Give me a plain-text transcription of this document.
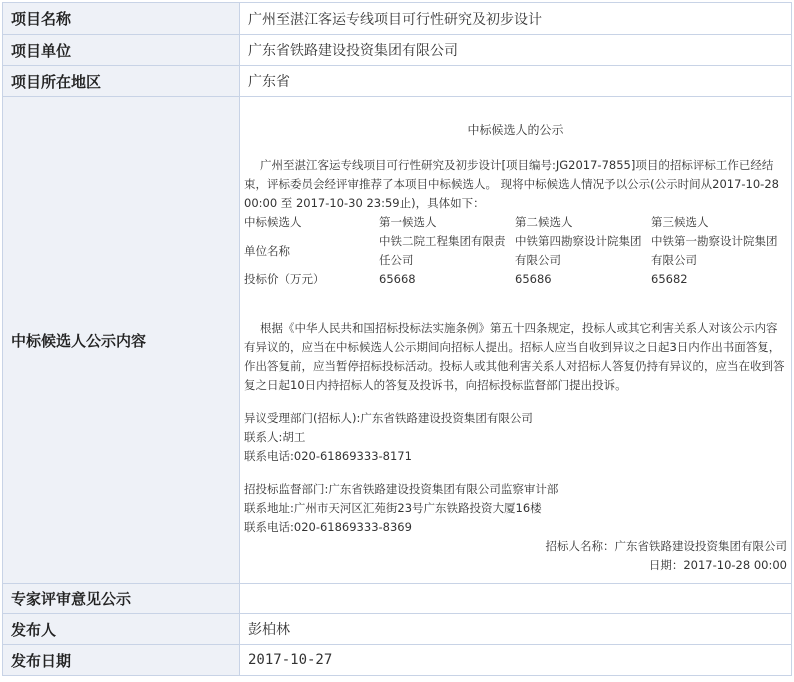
项目名称	广州至湛江客运专线项目可行性研究及初步设计
项目单位	广东省铁路建设投资集团有限公司
项目所在地区	广东省
中标候选人公示内容	
中标候选人的公示
广州至湛江客运专线项目可行性研究及初步设计[项目编号:JG2017-7855]项目的招标评标工作已经结束，评标委员会经评审推荐了本项目中标候选人。 现将中标候选人情况予以公示(公示时间从2017-10-28 00:00 至 2017-10-30 23:59止)，具体如下：
中标候选人	第一候选人	第二候选人	第三候选人
单位名称	中铁二院工程集团有限责任公司	中铁第四勘察设计院集团有限公司	中铁第一勘察设计院集团有限公司
投标价（万元）	65668	65686	65682
根据《中华人民共和国招标投标法实施条例》第五十四条规定，投标人或其它利害关系人对该公示内容有异议的，应当在中标候选人公示期间向招标人提出。招标人应当自收到异议之日起3日内作出书面答复，作出答复前，应当暂停招标投标活动。投标人或其他利害关系人对招标人答复仍持有异议的，应当在收到答复之日起10日内持招标人的答复及投诉书，向招标投标监督部门提出投诉。
异议受理部门(招标人):广东省铁路建设投资集团有限公司
联系人:胡工
联系电话:020-61869333-8171
招投标监督部门:广东省铁路建设投资集团有限公司监察审计部
联系地址:广州市天河区汇苑街23号广东铁路投资大厦16楼
联系电话:020-61869333-8369
招标人名称：广东省铁路建设投资集团有限公司
日期：2017-10-28 00:00

专家评审意见公示	
发布人	彭柏林
发布日期	2017-10-27
